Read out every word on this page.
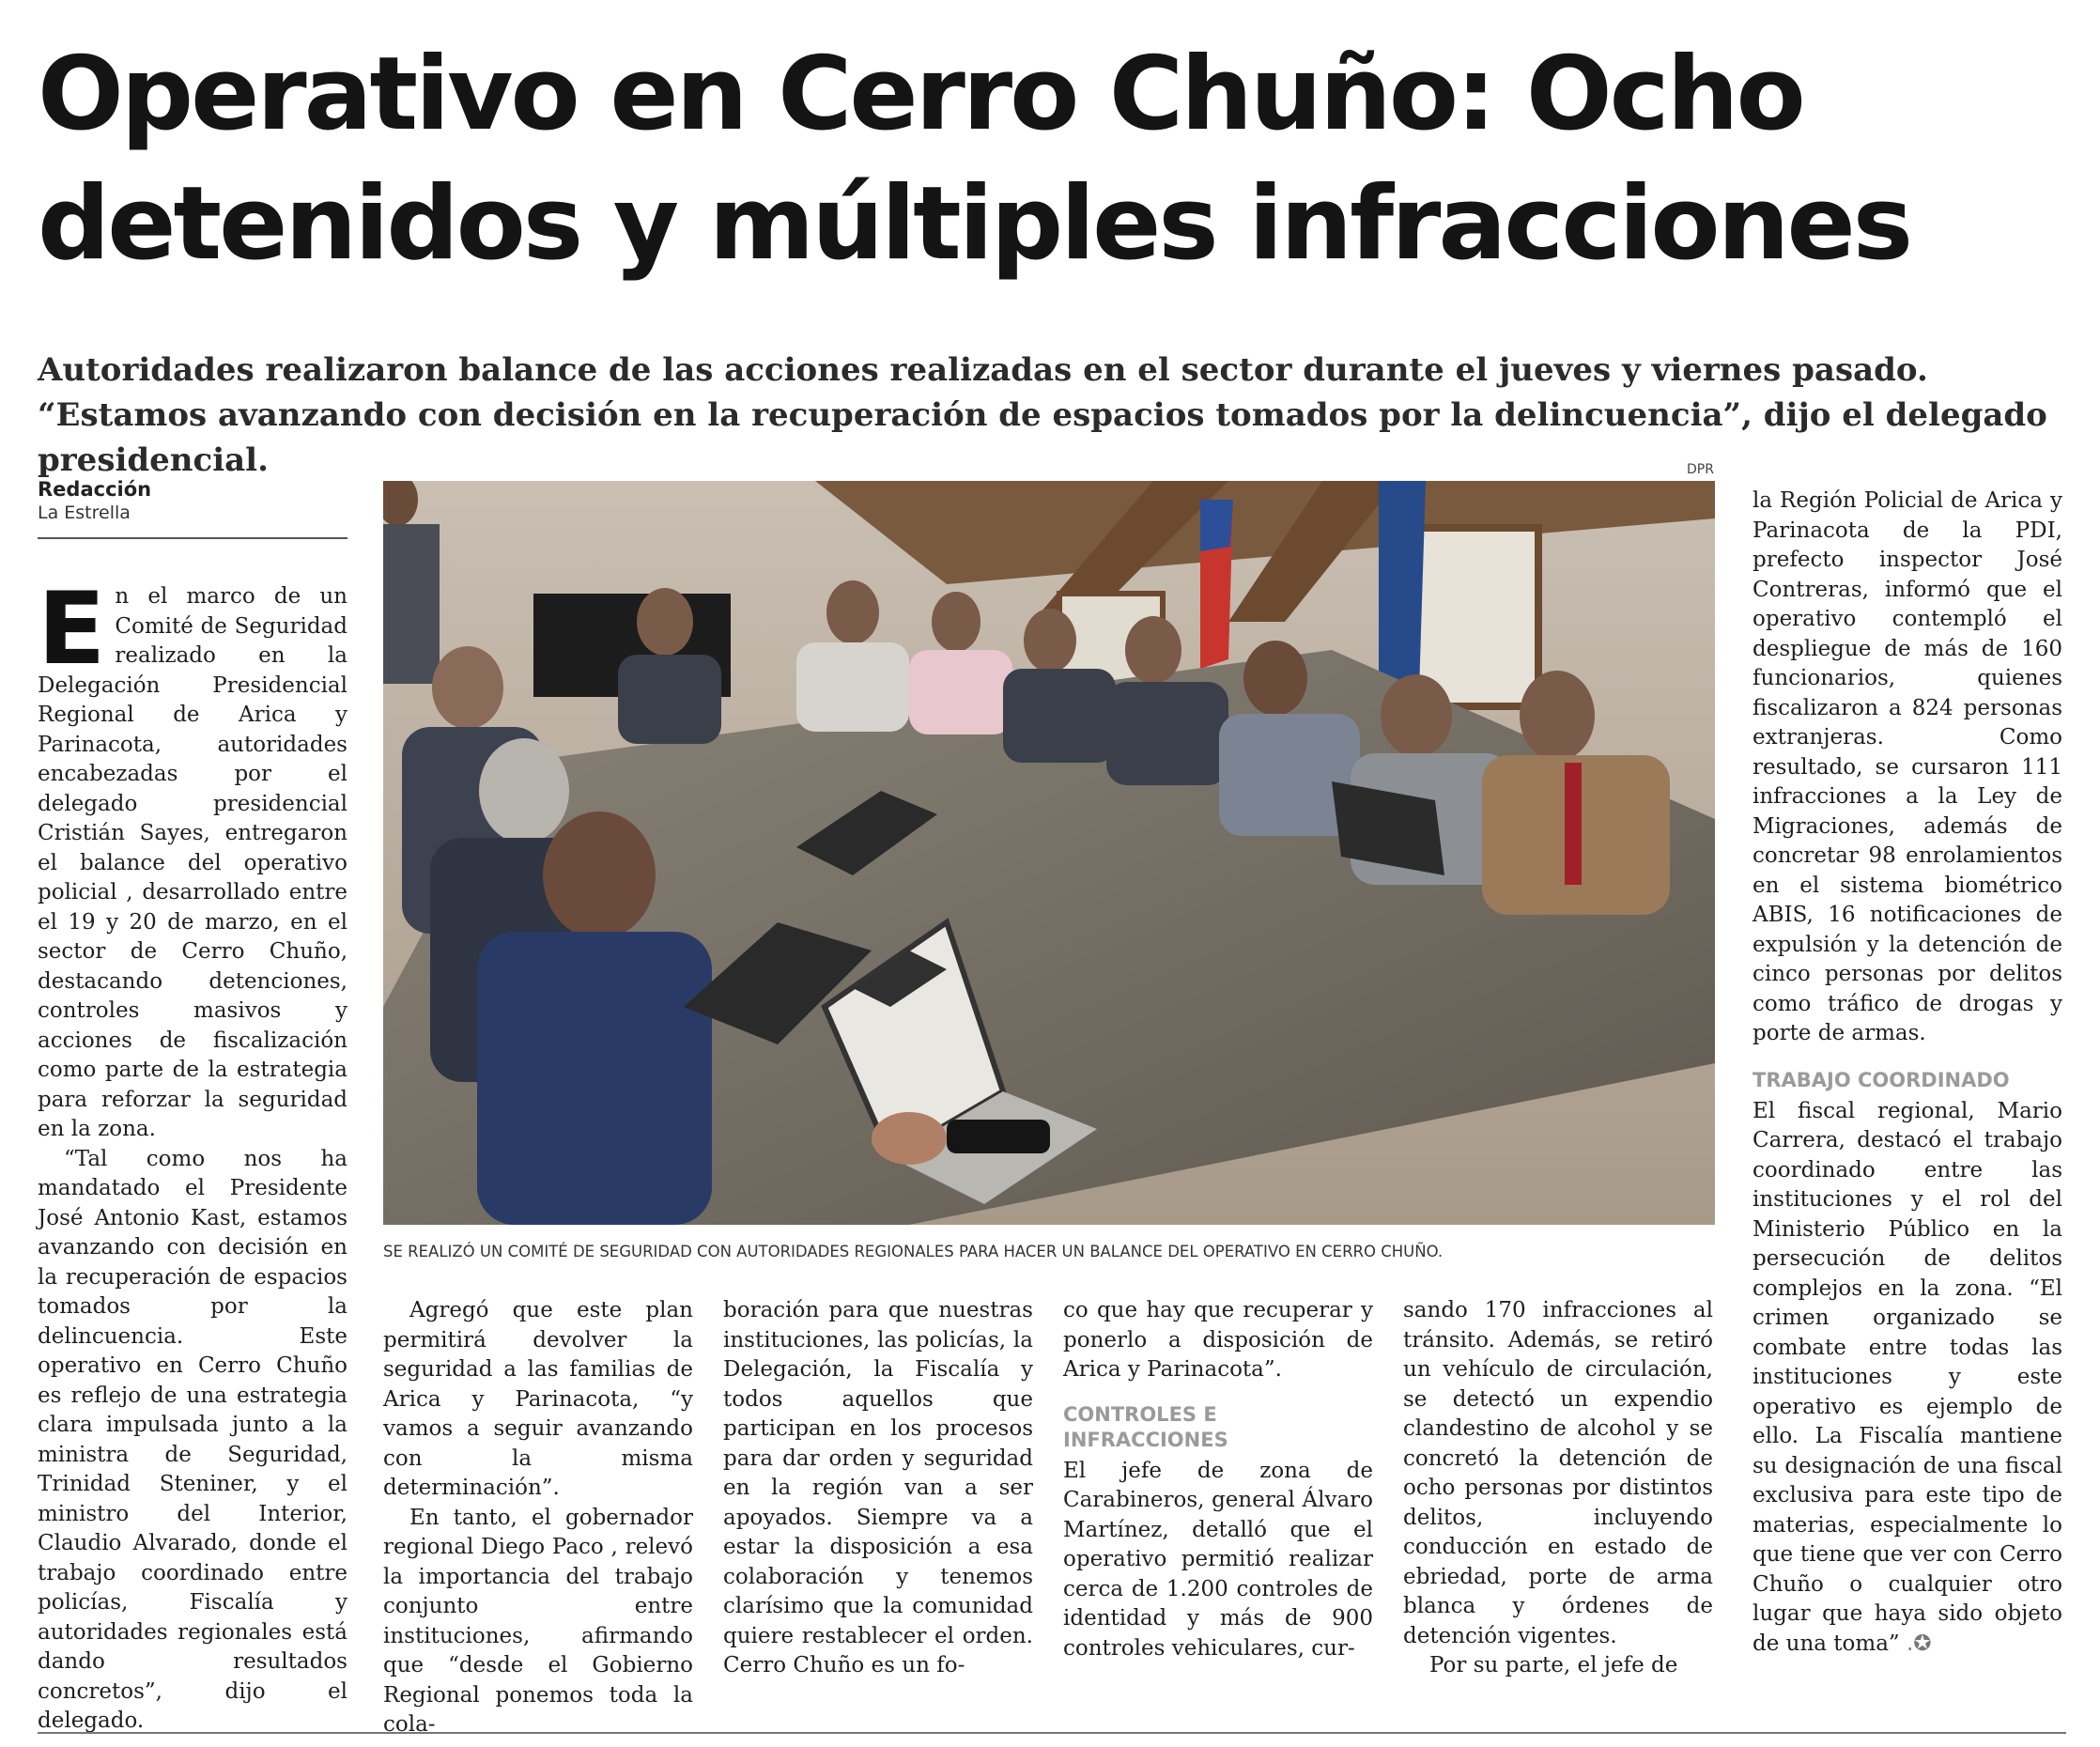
Operativo en Cerro Chuño: Ocho detenidos y múltiples infracciones

Autoridades realizaron balance de las acciones realizadas en el sector durante el jueves y viernes pasado. “Estamos avanzando con decisión en la recuperación de espacios tomados por la delincuencia”, dijo el delegado presidencial.

Redacción
La Estrella

En el marco de un Comité de Seguridad realizado en la Delegación Presidencial Regional de Arica y Parinacota, autoridades encabezadas por el delegado presidencial Cristián Sayes, entregaron el balance del operativo policial , desarrollado entre el 19 y 20 de marzo, en el sector de Cerro Chuño, destacando detenciones, controles masivos y acciones de fiscalización como parte de la estrategia para reforzar la seguridad en la zona.

“Tal como nos ha mandatado el Presidente José Antonio Kast, estamos avanzando con decisión en la recuperación de espacios tomados por la delincuencia. Este operativo en Cerro Chuño es reflejo de una estrategia clara impulsada junto a la ministra de Seguridad, Trinidad Steniner, y el ministro del Interior, Claudio Alvarado, donde el trabajo coordinado entre policías, Fiscalía y autoridades regionales está dando resultados concretos”, dijo el delegado.

DPR
SE REALIZÓ UN COMITÉ DE SEGURIDAD CON AUTORIDADES REGIONALES PARA HACER UN BALANCE DEL OPERATIVO EN CERRO CHUÑO.

Agregó que este plan permitirá devolver la seguridad a las familias de Arica y Parinacota, “y vamos a seguir avanzando con la misma determinación”.

En tanto, el gobernador regional Diego Paco , relevó la importancia del trabajo conjunto entre instituciones, afirmando que “desde el Gobierno Regional ponemos toda la cola-

boración para que nuestras instituciones, las policías, la Delegación, la Fiscalía y todos aquellos que participan en los procesos para dar orden y seguridad en la región van a ser apoyados. Siempre va a estar la disposición a esa colaboración y tenemos clarísimo que la comunidad quiere restablecer el orden. Cerro Chuño es un fo-

co que hay que recuperar y ponerlo a disposición de Arica y Parinacota”.

CONTROLES E INFRACCIONES

El jefe de zona de Carabineros, general Álvaro Martínez, detalló que el operativo permitió realizar cerca de 1.200 controles de identidad y más de 900 controles vehiculares, cur-

sando 170 infracciones al tránsito. Además, se retiró un vehículo de circulación, se detectó un expendio clandestino de alcohol y se concretó la detención de ocho personas por distintos delitos, incluyendo conducción en estado de ebriedad, porte de arma blanca y órdenes de detención vigentes.

Por su parte, el jefe de

la Región Policial de Arica y Parinacota de la PDI, prefecto inspector José Contreras, informó que el operativo contempló el despliegue de más de 160 funcionarios, quienes fiscalizaron a 824 personas extranjeras. Como resultado, se cursaron 111 infracciones a la Ley de Migraciones, además de concretar 98 enrolamientos en el sistema biométrico ABIS, 16 notificaciones de expulsión y la detención de cinco personas por delitos como tráfico de drogas y porte de armas.

TRABAJO COORDINADO

El fiscal regional, Mario Carrera, destacó el trabajo coordinado entre las instituciones y el rol del Ministerio Público en la persecución de delitos complejos en la zona. “El crimen organizado se combate entre todas las instituciones y este operativo es ejemplo de ello. La Fiscalía mantiene su designación de una fiscal exclusiva para este tipo de materias, especialmente lo que tiene que ver con Cerro Chuño o cualquier otro lugar que haya sido objeto de una toma” .✪
